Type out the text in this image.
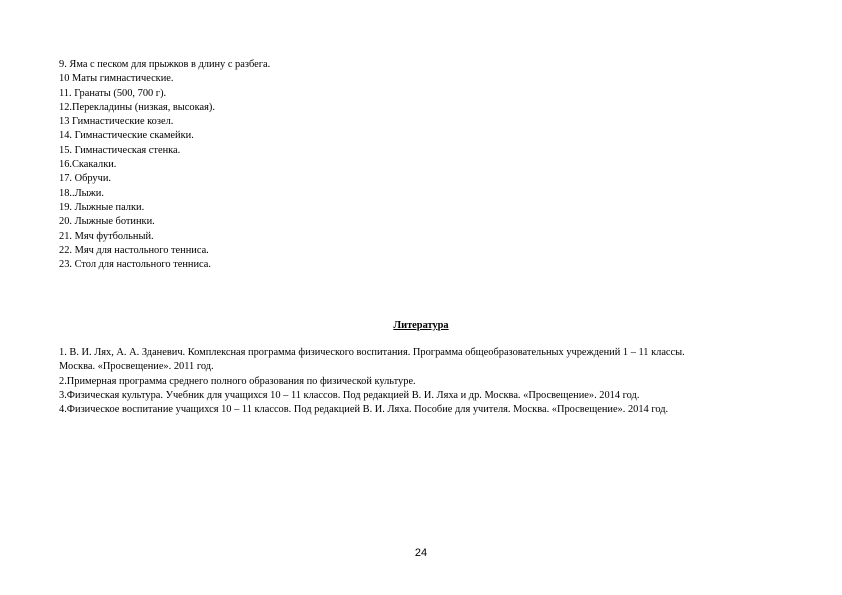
9. Яма с песком для прыжков в длину с разбега.
10 Маты гимнастические.
11. Гранаты (500, 700 г).
12.Перекладины (низкая, высокая).
13 Гимнастические козел.
14. Гимнастические скамейки.
15. Гимнастическая стенка.
16.Скакалки.
17. Обручи.
18..Лыжи.
19. Лыжные палки.
20. Лыжные ботинки.
21. Мяч футбольный.
22. Мяч для настольного тенниса.
23. Стол для настольного тенниса.
Литература
1. В. И. Лях, А. А. Зданевич. Комплексная программа физического воспитания. Программа общеобразовательных учреждений 1 – 11 классы.
Москва. «Просвещение». 2011 год.
2.Примерная программа среднего полного образования по физической культуре.
3.Физическая культура. Учебник для учащихся 10 – 11 классов. Под редакцией В. И. Ляха и др. Москва. «Просвещение». 2014 год.
4.Физическое воспитание учащихся 10 – 11 классов. Под редакцией В. И. Ляха. Пособие для учителя. Москва. «Просвещение». 2014 год.
24
